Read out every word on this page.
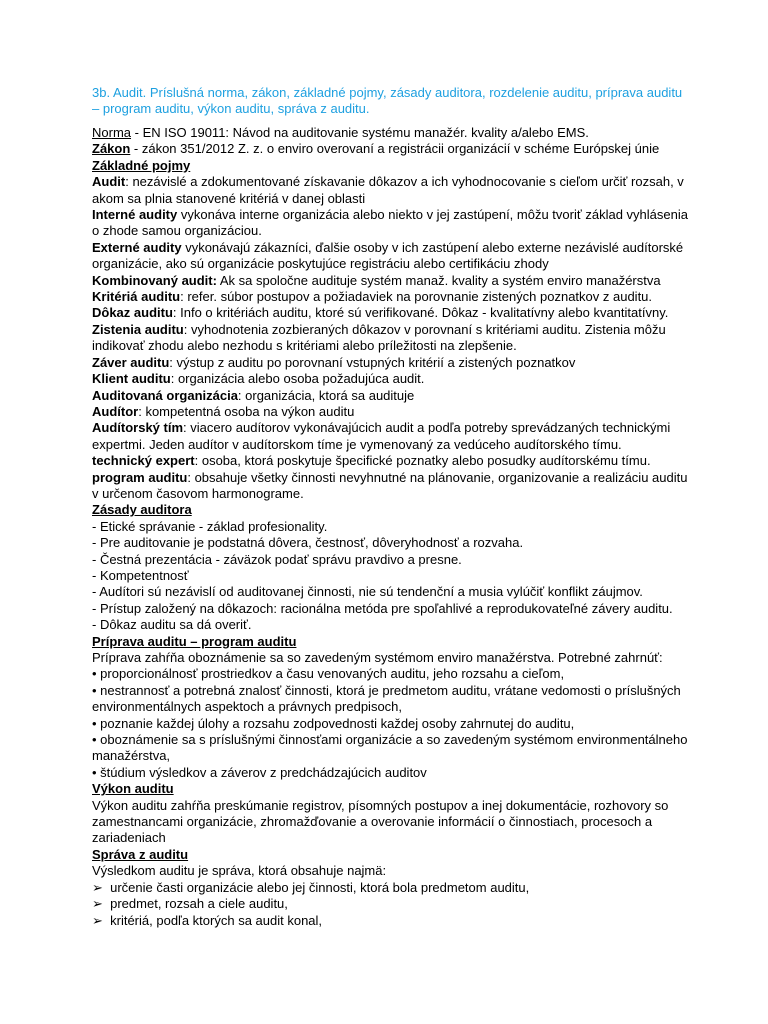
3b. Audit. Príslušná norma, zákon, základné pojmy, zásady auditora, rozdelenie auditu, príprava auditu – program auditu, výkon auditu, správa z auditu.
Norma - EN ISO 19011: Návod na auditovanie systému manažér. kvality a/alebo EMS.
Zákon - zákon 351/2012 Z. z. o enviro overovaní a registrácii organizácií v schéme Európskej únie
Základné pojmy
Audit: nezávislé a zdokumentované získavanie dôkazov a ich vyhodnocovanie s cieľom určiť rozsah, v akom sa plnia stanovené kritériá v danej oblasti
Interné audity vykonáva interne organizácia alebo niekto v jej zastúpení, môžu tvoriť základ vyhlásenia o zhode samou organizáciou.
Externé audity vykonávajú zákazníci, ďalšie osoby v ich zastúpení alebo externe nezávislé audítorské organizácie, ako sú organizácie poskytujúce registráciu alebo certifikáciu zhody
Kombinovaný audit: Ak sa spoločne audituje systém manaž. kvality a systém enviro manažérstva
Kritériá auditu: refer. súbor postupov a požiadaviek na porovnanie zistených poznatkov z auditu.
Dôkaz auditu: Info o kritériách auditu, ktoré sú verifikované. Dôkaz - kvalitatívny alebo kvantitatívny.
Zistenia auditu: vyhodnotenia zozbieraných dôkazov v porovnaní s kritériami auditu. Zistenia môžu indikovať zhodu alebo nezhodu s kritériami alebo príležitosti na zlepšenie.
Záver auditu: výstup z auditu po porovnaní vstupných kritérií a zistených poznatkov
Klient auditu: organizácia alebo osoba požadujúca audit.
Auditovaná organizácia: organizácia, ktorá sa audituje
Audítor: kompetentná osoba na výkon auditu
Audítorský tím: viacero audítorov vykonávajúcich audit a podľa potreby sprevádzaných technickými expertmi. Jeden audítor v audítorskom tíme je vymenovaný za vedúceho audítorského tímu.
technický expert: osoba, ktorá poskytuje špecifické poznatky alebo posudky audítorskému tímu.
program auditu: obsahuje všetky činnosti nevyhnutné na plánovanie, organizovanie a realizáciu auditu v určenom časovom harmonograme.
Zásady auditora
- Etické správanie - základ profesionality.
- Pre auditovanie je podstatná dôvera, čestnosť, dôveryhodnosť a rozvaha.
- Čestná prezentácia - záväzok podať správu pravdivo a presne.
- Kompetentnosť
- Audítori sú nezávislí od auditovanej činnosti, nie sú tendenční a musia vylúčiť konflikt záujmov.
- Prístup založený na dôkazoch: racionálna metóda pre spoľahlivé a reprodukovateľné závery auditu.
- Dôkaz auditu sa dá overiť.
Príprava auditu – program auditu
Príprava zahŕňa oboznámenie sa so zavedeným systémom enviro manažérstva. Potrebné zahrnúť:
• proporcionálnosť prostriedkov a času venovaných auditu, jeho rozsahu a cieľom,
• nestrannosť a potrebná znalosť činnosti, ktorá je predmetom auditu, vrátane vedomosti o príslušných environmentálnych aspektoch a právnych predpisoch,
• poznanie každej úlohy a rozsahu zodpovednosti každej osoby zahrnutej do auditu,
• oboznámenie sa s príslušnými činnosťami organizácie a so zavedeným systémom environmentálneho manažérstva,
• štúdium výsledkov a záverov z predchádzajúcich auditov
Výkon auditu
Výkon auditu zahŕňa preskúmanie registrov, písomných postupov a inej dokumentácie, rozhovory so zamestnancami organizácie, zhromažďovanie a overovanie informácií o činnostiach, procesoch a zariadeniach
Správa z auditu
Výsledkom auditu je správa, ktorá obsahuje najmä:
➢  určenie časti organizácie alebo jej činnosti, ktorá bola predmetom auditu,
➢  predmet, rozsah a ciele auditu,
➢  kritériá, podľa ktorých sa audit konal,
